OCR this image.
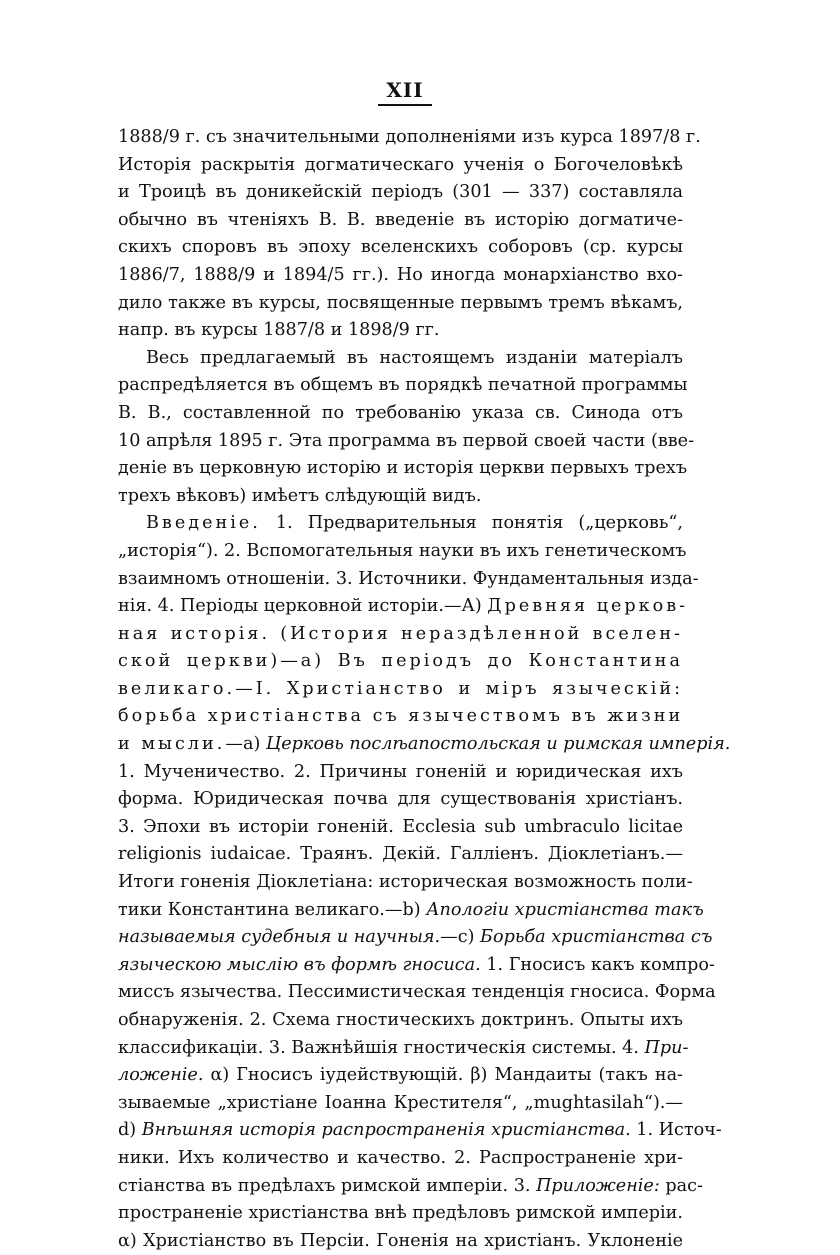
XII
1888/9 г. съ значительными дополненіями изъ курса 1897/8 г.
Исторія раскрытія догматическаго ученія о Богочеловѣкѣ
и Троицѣ въ доникейскій періодъ (301 — 337) составляла
обычно въ чтеніяхъ В. В. введеніе въ исторію догматиче-
скихъ споровъ въ эпоху вселенскихъ соборовъ (ср. курсы
1886/7, 1888/9 и 1894/5 гг.). Но иногда монархіанство вхо-
дило также въ курсы, посвященные первымъ тремъ вѣкамъ,
напр. въ курсы 1887/8 и 1898/9 гг.
Весь предлагаемый въ настоящемъ изданіи матеріалъ
распредѣляется въ общемъ въ порядкѣ печатной программы
В. В., составленной по требованію указа св. Синода отъ
10 апрѣля 1895 г. Эта программа въ первой своей части (вве-
деніе въ церковную исторію и исторія церкви первыхъ трехъ
трехъ вѣковъ) имѣетъ слѣдующій видъ.
Введеніе. 1. Предварительныя понятія („церковь“,
„исторія“). 2. Вспомогательныя науки въ ихъ генетическомъ
взаимномъ отношеніи. 3. Источники. Фундаментальныя изда-
нія. 4. Періоды церковной исторіи.—А) Древняя церков-
ная исторія. (История нераздѣленной вселен-
ской церкви)—а) Въ періодъ до Константина
великаго.—I. Христіанство и міръ языческій:
борьба христіанства съ язычествомъ въ жизни
и мысли.—а) Церковь послѣапостольская и римская имперія.
1. Мученичество. 2. Причины гоненій и юридическая ихъ
форма. Юридическая почва для существованія христіанъ.
3. Эпохи въ исторіи гоненій. Ecclesia sub umbraculo licitae
religionis iudaicae. Траянъ. Декій. Галліенъ. Діоклетіанъ.—
Итоги гоненія Діоклетіана: историческая возможность поли-
тики Константина великаго.—b) Апологіи христіанства такъ
называемыя судебныя и научныя.—c) Борьба христіанства съ
языческою мыслію въ формѣ гносиса. 1. Гносисъ какъ компро-
миссъ язычества. Пессимистическая тенденція гносиса. Форма
обнаруженія. 2. Схема гностическихъ доктринъ. Опыты ихъ
классификаціи. 3. Важнѣйшія гностическія системы. 4. При-
ложеніе. α) Гносисъ іудействующій. β) Мандаиты (такъ на-
зываемые „христіане Іоанна Крестителя“, „mughtasilah“).—
d) Внѣшняя исторія распространенія христіанства. 1. Источ-
ники. Ихъ количество и качество. 2. Распространеніе хри-
стіанства въ предѣлахъ римской имперіи. 3. Приложеніе: рас-
пространеніе христіанства внѣ предѣловъ римской имперіи.
α) Христіанство въ Персіи. Гоненія на христіанъ. Уклоненіе
